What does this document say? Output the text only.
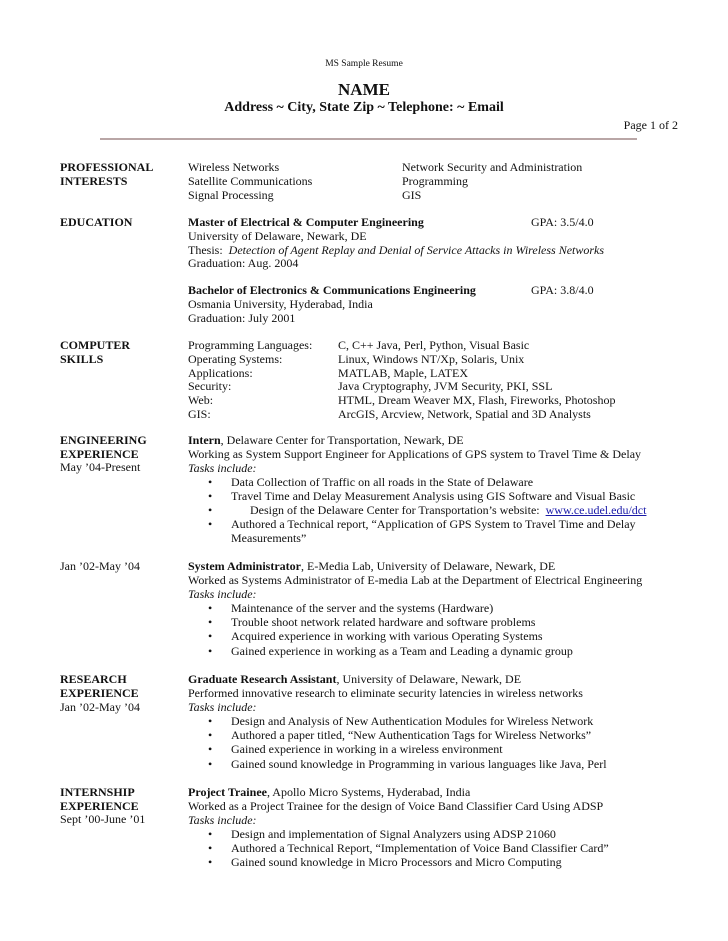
MS Sample Resume
NAME
Address ~ City, State Zip ~ Telephone: ~ Email
Page 1 of 2
PROFESSIONAL
INTERESTS
Wireless Networks
Satellite Communications
Signal Processing
Network Security and Administration
Programming
GIS
EDUCATION	Master of Electrical & Computer Engineering
University of Delaware, Newark, DE
Thesis: Detection of Agent Replay and Denial of Service Attacks in Wireless Networks
Graduation: Aug. 2004
GPA: 3.5/4.0
Bachelor of Electronics & Communications Engineering
Osmania University, Hyderabad, India
Graduation: July 2001
GPA: 3.8/4.0
COMPUTER
SKILLS
Programming Languages:
Operating Systems:
Applications:
Security:
Web:
GIS:
C, C++ Java, Perl, Python, Visual Basic
Linux, Windows NT/Xp, Solaris, Unix
MATLAB, Maple, LATEX
Java Cryptography, JVM Security, PKI, SSL
HTML, Dream Weaver MX, Flash, Fireworks, Photoshop
ArcGIS, Arcview, Network, Spatial and 3D Analysts
ENGINEERING
EXPERIENCE
May ’04-Present
Intern, Delaware Center for Transportation, Newark, DE
Working as System Support Engineer for Applications of GPS system to Travel Time & Delay
Tasks include:
• Data Collection of Traffic on all roads in the State of Delaware
• Travel Time and Delay Measurement Analysis using GIS Software and Visual Basic
• Design of the Delaware Center for Transportation’s website: www.ce.udel.edu/dct
• Authored a Technical report, “Application of GPS System to Travel Time and Delay
Measurements”
Jan ’02-May ’04	System Administrator, E-Media Lab, University of Delaware, Newark, DE
Worked as Systems Administrator of E-media Lab at the Department of Electrical Engineering
Tasks include:
• Maintenance of the server and the systems (Hardware)
• Trouble shoot network related hardware and software problems
• Acquired experience in working with various Operating Systems
• Gained experience in working as a Team and Leading a dynamic group
RESEARCH
EXPERIENCE
Jan ’02-May ’04
Graduate Research Assistant, University of Delaware, Newark, DE
Performed innovative research to eliminate security latencies in wireless networks
Tasks include:
• Design and Analysis of New Authentication Modules for Wireless Network
• Authored a paper titled, “New Authentication Tags for Wireless Networks”
• Gained experience in working in a wireless environment
• Gained sound knowledge in Programming in various languages like Java, Perl
INTERNSHIP
EXPERIENCE
Sept ’00-June ’01
Project Trainee, Apollo Micro Systems, Hyderabad, India
Worked as a Project Trainee for the design of Voice Band Classifier Card Using ADSP
Tasks include:
• Design and implementation of Signal Analyzers using ADSP 21060
• Authored a Technical Report, “Implementation of Voice Band Classifier Card”
• Gained sound knowledge in Micro Processors and Micro Computing
